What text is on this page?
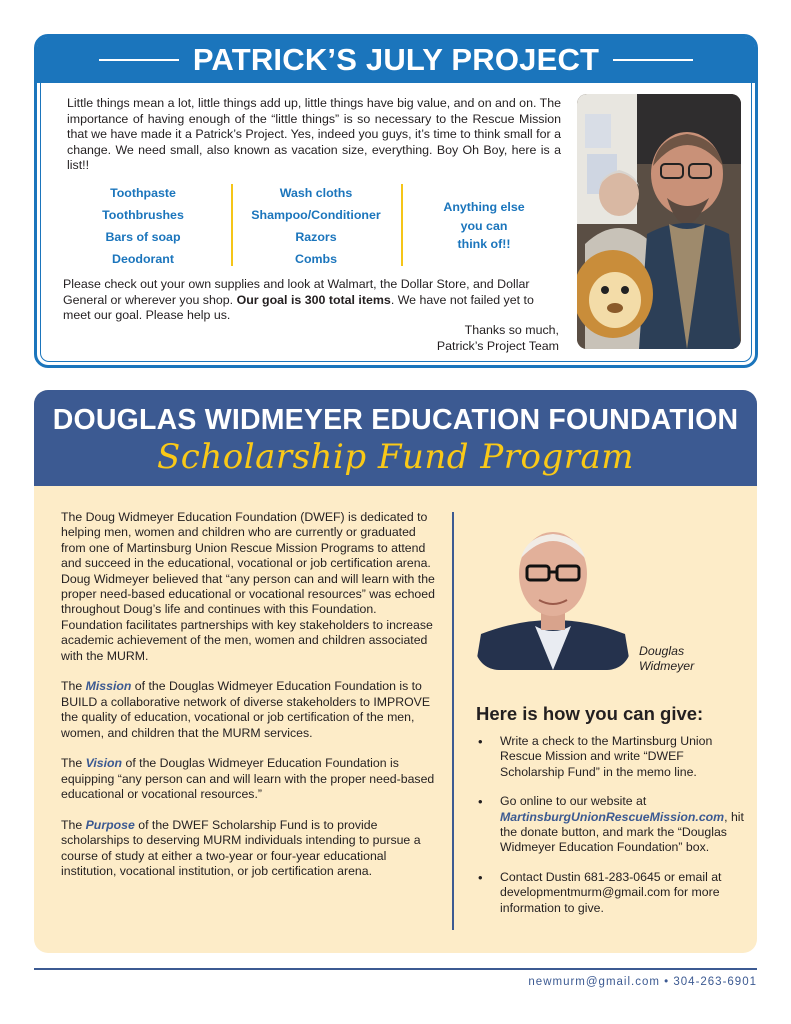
PATRICK’S JULY PROJECT

Little things mean a lot, little things add up, little things have big value, and on and on. The importance of having enough of the “little things” is so necessary to the Rescue Mission that we have made it a Patrick’s Project. Yes, indeed you guys, it’s time to think small for a change. We need small, also known as vacation size, everything. Boy Oh Boy, here is a list!!

Toothpaste
Toothbrushes
Bars of soap
Deodorant
Wash cloths
Shampoo/Conditioner
Razors
Combs
Anything else
you can
think of!!

Please check out your own supplies and look at Walmart, the Dollar Store, and Dollar General or wherever you shop. Our goal is 300 total items. We have not failed yet to meet our goal. Please help us.

Thanks so much,
Patrick’s Project Team
DOUGLAS WIDMEYER EDUCATION FOUNDATION
Scholarship Fund Program

The Doug Widmeyer Education Foundation (DWEF) is dedicated to helping men, women and children who are currently or graduated from one of Martinsburg Union Rescue Mission Programs to attend and succeed in the educational, vocational or job certification arena. Doug Widmeyer believed that “any person can and will learn with the proper need-based educational or vocational resources” was echoed throughout Doug’s life and continues with this Foundation. Foundation facilitates partnerships with key stakeholders to increase academic achievement of the men, women and children associated with the MURM.

The Mission of the Douglas Widmeyer Education Foundation is to BUILD a collaborative network of diverse stakeholders to IMPROVE the quality of education, vocational or job certification of the men, women, and children that the MURM services.

The Vision of the Douglas Widmeyer Education Foundation is equipping “any person can and will learn with the proper need-based educational or vocational resources.”

The Purpose of the DWEF Scholarship Fund is to provide scholarships to deserving MURM individuals intending to pursue a course of study at either a two-year or four-year educational institution, vocational institution, or job certification arena.

Douglas
Widmeyer
Here is how you can give:
• Write a check to the Martinsburg Union Rescue Mission and write “DWEF Scholarship Fund” in the memo line.
• Go online to our website at MartinsburgUnionRescueMission.com, hit the donate button, and mark the “Douglas Widmeyer Education Foundation” box.
• Contact Dustin 681-283-0645 or email at developmentmurm@gmail.com for more information to give.
newmurm@gmail.com • 304-263-6901
